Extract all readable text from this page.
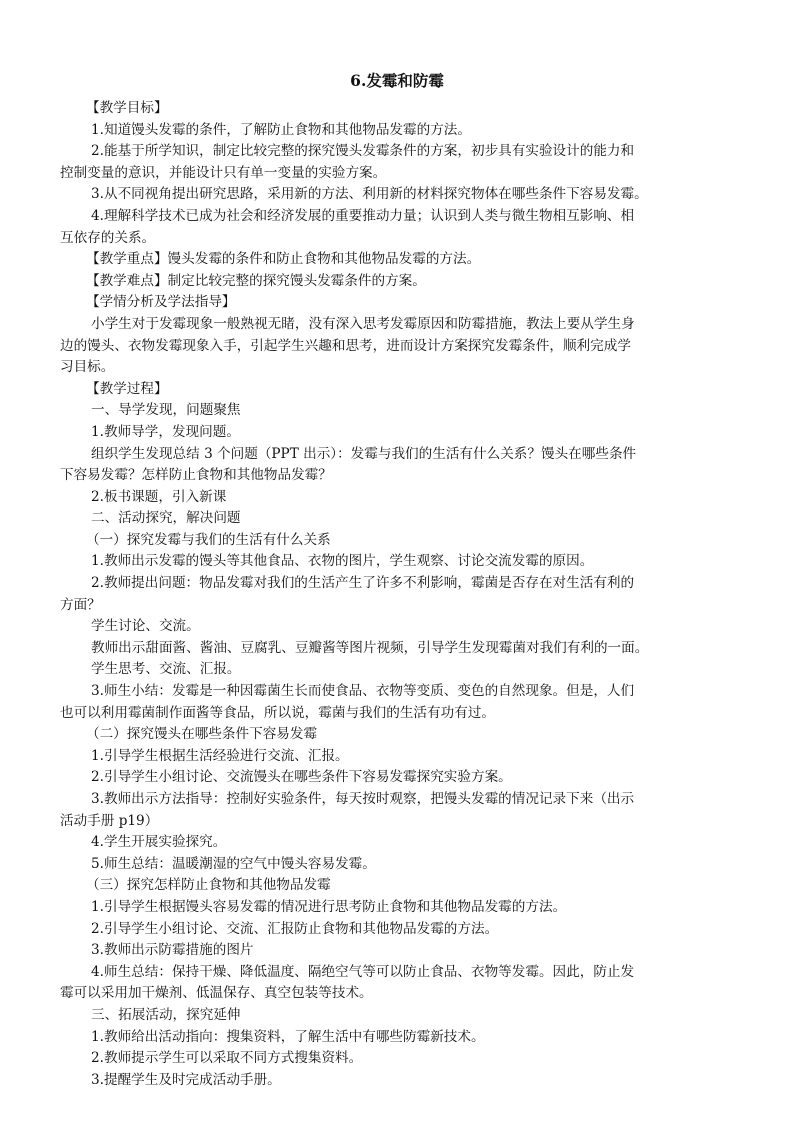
6.发霉和防霉
【教学目标】
1.知道馒头发霉的条件，了解防止食物和其他物品发霉的方法。
2.能基于所学知识，制定比较完整的探究馒头发霉条件的方案，初步具有实验设计的能力和
控制变量的意识，并能设计只有单一变量的实验方案。
3.从不同视角提出研究思路，采用新的方法、利用新的材料探究物体在哪些条件下容易发霉。
4.理解科学技术已成为社会和经济发展的重要推动力量；认识到人类与微生物相互影响、相
互依存的关系。
【教学重点】馒头发霉的条件和防止食物和其他物品发霉的方法。
【教学难点】制定比较完整的探究馒头发霉条件的方案。
【学情分析及学法指导】
小学生对于发霉现象一般熟视无睹，没有深入思考发霉原因和防霉措施，教法上要从学生身
边的馒头、衣物发霉现象入手，引起学生兴趣和思考，进而设计方案探究发霉条件，顺利完成学
习目标。
【教学过程】
一、导学发现，问题聚焦
1.教师导学，发现问题。
组织学生发现总结 3 个问题（PPT 出示）：发霉与我们的生活有什么关系？馒头在哪些条件
下容易发霉？怎样防止食物和其他物品发霉？
2.板书课题，引入新课
二、活动探究，解决问题
（一）探究发霉与我们的生活有什么关系
1.教师出示发霉的馒头等其他食品、衣物的图片，学生观察、讨论交流发霉的原因。
2.教师提出问题：物品发霉对我们的生活产生了许多不利影响，霉菌是否存在对生活有利的
方面？
学生讨论、交流。
教师出示甜面酱、酱油、豆腐乳、豆瓣酱等图片视频，引导学生发现霉菌对我们有利的一面。
学生思考、交流、汇报。
3.师生小结：发霉是一种因霉菌生长而使食品、衣物等变质、变色的自然现象。但是，人们
也可以利用霉菌制作面酱等食品，所以说，霉菌与我们的生活有功有过。
（二）探究馒头在哪些条件下容易发霉
1.引导学生根据生活经验进行交流、汇报。
2.引导学生小组讨论、交流馒头在哪些条件下容易发霉探究实验方案。
3.教师出示方法指导：控制好实验条件，每天按时观察，把馒头发霉的情况记录下来（出示
活动手册 p19）
4.学生开展实验探究。
5.师生总结：温暖潮湿的空气中馒头容易发霉。
（三）探究怎样防止食物和其他物品发霉
1.引导学生根据馒头容易发霉的情况进行思考防止食物和其他物品发霉的方法。
2.引导学生小组讨论、交流、汇报防止食物和其他物品发霉的方法。
3.教师出示防霉措施的图片
4.师生总结：保持干燥、降低温度、隔绝空气等可以防止食品、衣物等发霉。因此，防止发
霉可以采用加干燥剂、低温保存、真空包装等技术。
三、拓展活动，探究延伸
1.教师给出活动指向：搜集资料，了解生活中有哪些防霉新技术。
2.教师提示学生可以采取不同方式搜集资料。
3.提醒学生及时完成活动手册。
